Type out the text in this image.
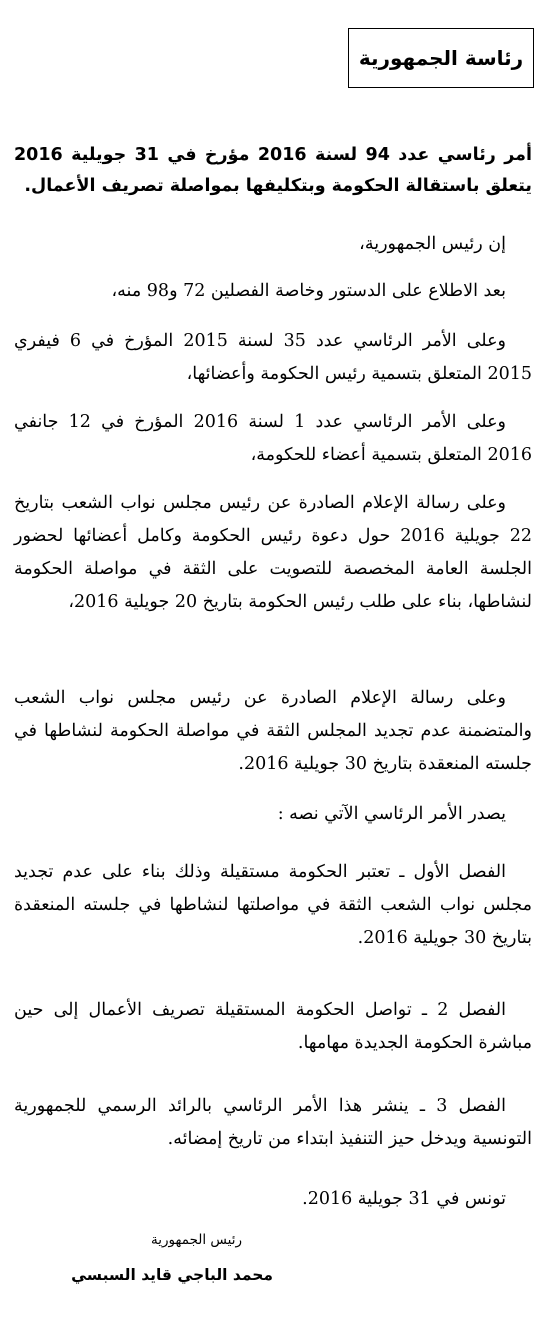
رئاسة الجمهورية
أمر رئاسي عدد 94 لسنة 2016 مؤرخ في 31 جويلية 2016 يتعلق باستقالة الحكومة وبتكليفها بمواصلة تصريف الأعمال.
إن رئيس الجمهورية،
بعد الاطلاع على الدستور وخاصة الفصلين 72 و98 منه،
وعلى الأمر الرئاسي عدد 35 لسنة 2015 المؤرخ في 6 فيفري 2015 المتعلق بتسمية رئيس الحكومة وأعضائها،
وعلى الأمر الرئاسي عدد 1 لسنة 2016 المؤرخ في 12 جانفي 2016 المتعلق بتسمية أعضاء للحكومة،
وعلى رسالة الإعلام الصادرة عن رئيس مجلس نواب الشعب بتاريخ 22 جويلية 2016 حول دعوة رئيس الحكومة وكامل أعضائها لحضور الجلسة العامة المخصصة للتصويت على الثقة في مواصلة الحكومة لنشاطها، بناء على طلب رئيس الحكومة بتاريخ 20 جويلية 2016،
وعلى رسالة الإعلام الصادرة عن رئيس مجلس نواب الشعب والمتضمنة عدم تجديد المجلس الثقة في مواصلة الحكومة لنشاطها في جلسته المنعقدة بتاريخ 30 جويلية 2016.
يصدر الأمر الرئاسي الآتي نصه :
الفصل الأول ـ تعتبر الحكومة مستقيلة وذلك بناء على عدم تجديد مجلس نواب الشعب الثقة في مواصلتها لنشاطها في جلسته المنعقدة بتاريخ 30 جويلية 2016.
الفصل 2 ـ تواصل الحكومة المستقيلة تصريف الأعمال إلى حين مباشرة الحكومة الجديدة مهامها.
الفصل 3 ـ ينشر هذا الأمر الرئاسي بالرائد الرسمي للجمهورية التونسية ويدخل حيز التنفيذ ابتداء من تاريخ إمضائه.
تونس في 31 جويلية 2016.
رئيس الجمهورية
محمد الباجي قايد السبسي
